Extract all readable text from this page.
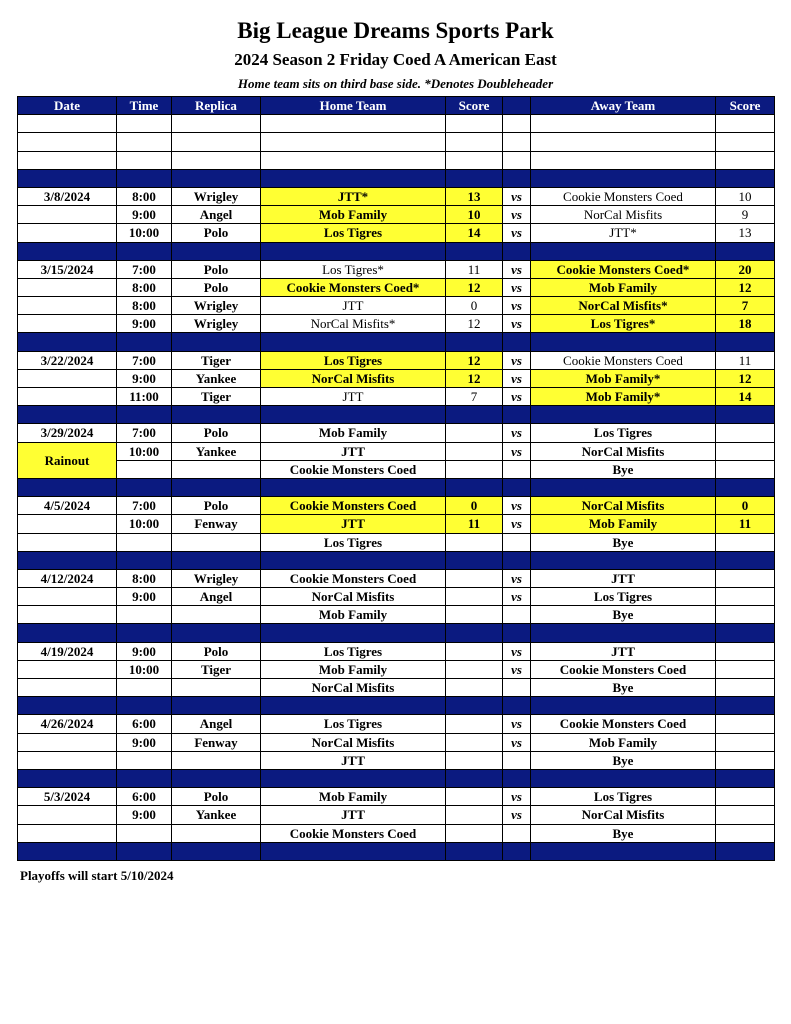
Big League Dreams Sports Park
2024 Season 2 Friday Coed A American East
Home team sits on third base side. *Denotes Doubleheader
Date	Time	Replica	Home Team	Score		Away Team	Score

3/8/2024	8:00	Wrigley	JTT*	13	vs	Cookie Monsters Coed	10
	9:00	Angel	Mob Family	10	vs	NorCal Misfits	9
	10:00	Polo	Los Tigres	14	vs	JTT*	13

3/15/2024	7:00	Polo	Los Tigres*	11	vs	Cookie Monsters Coed*	20
	8:00	Polo	Cookie Monsters Coed*	12	vs	Mob Family	12
	8:00	Wrigley	JTT	0	vs	NorCal Misfits*	7
	9:00	Wrigley	NorCal Misfits*	12	vs	Los Tigres*	18

3/22/2024	7:00	Tiger	Los Tigres	12	vs	Cookie Monsters Coed	11
	9:00	Yankee	NorCal Misfits	12	vs	Mob Family*	12
	11:00	Tiger	JTT	7	vs	Mob Family*	14

3/29/2024	7:00	Polo	Mob Family		vs	Los Tigres	
Rainout	10:00	Yankee	JTT		vs	NorCal Misfits	
			Cookie Monsters Coed			Bye	

4/5/2024	7:00	Polo	Cookie Monsters Coed	0	vs	NorCal Misfits	0
	10:00	Fenway	JTT	11	vs	Mob Family	11
			Los Tigres			Bye	

4/12/2024	8:00	Wrigley	Cookie Monsters Coed		vs	JTT	
	9:00	Angel	NorCal Misfits		vs	Los Tigres	
			Mob Family			Bye	

4/19/2024	9:00	Polo	Los Tigres		vs	JTT	
	10:00	Tiger	Mob Family		vs	Cookie Monsters Coed	
			NorCal Misfits			Bye	

4/26/2024	6:00	Angel	Los Tigres		vs	Cookie Monsters Coed	
	9:00	Fenway	NorCal Misfits		vs	Mob Family	
			JTT			Bye	

5/3/2024	6:00	Polo	Mob Family		vs	Los Tigres	
	9:00	Yankee	JTT		vs	NorCal Misfits	
			Cookie Monsters Coed			Bye	

Playoffs will start 5/10/2024
